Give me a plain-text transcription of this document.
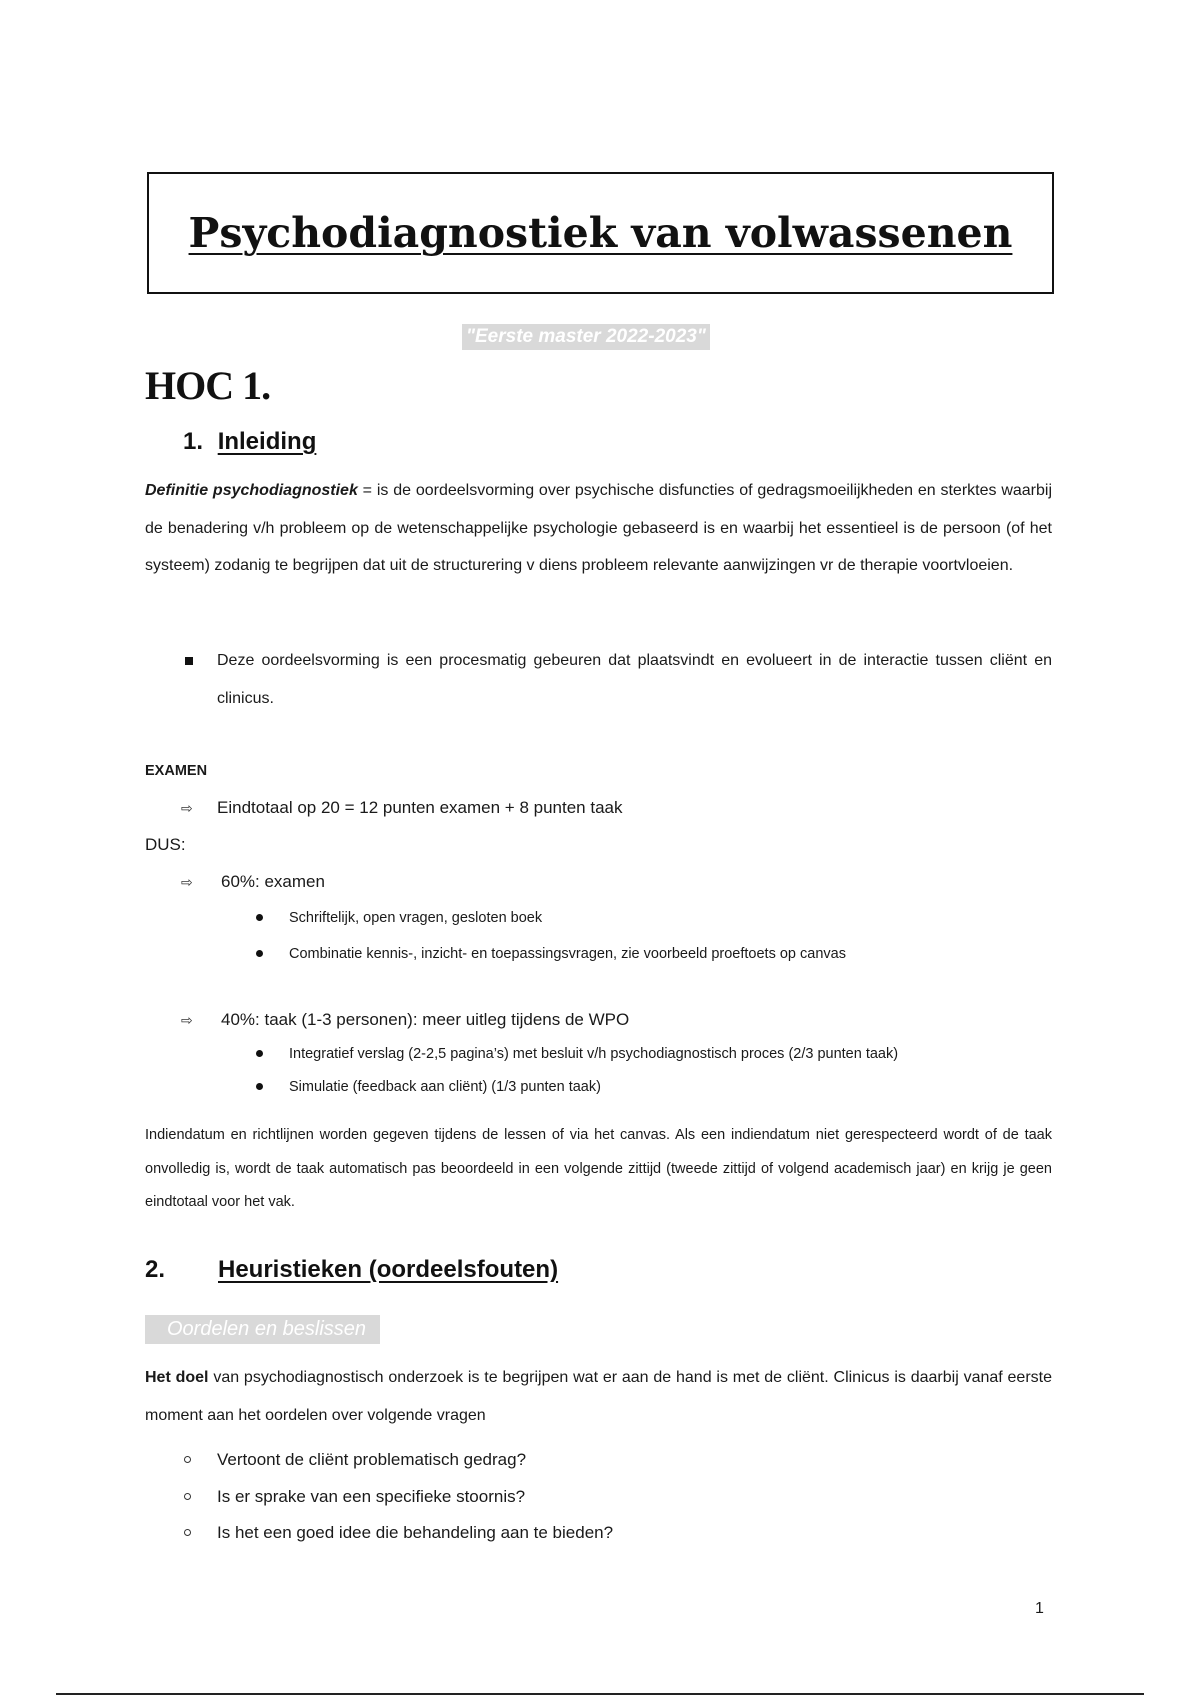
Psychodiagnostiek van volwassenen
"Eerste master 2022-2023"
HOC 1.
1. Inleiding
Definitie psychodiagnostiek = is de oordeelsvorming over psychische disfuncties of gedragsmoeilijkheden en sterktes waarbij de benadering v/h probleem op de wetenschappelijke psychologie gebaseerd is en waarbij het essentieel is de persoon (of het systeem) zodanig te begrijpen dat uit de structurering v diens probleem relevante aanwijzingen vr de therapie voortvloeien.
Deze oordeelsvorming is een procesmatig gebeuren dat plaatsvindt en evolueert in de interactie tussen cliënt en clinicus.
EXAMEN
⇨ Eindtotaal op 20 = 12 punten examen + 8 punten taak
DUS:
⇨ 60%: examen
Schriftelijk, open vragen, gesloten boek
Combinatie kennis-, inzicht- en toepassingsvragen, zie voorbeeld proeftoets op canvas
⇨ 40%: taak (1-3 personen): meer uitleg tijdens de WPO
Integratief verslag (2-2,5 pagina’s) met besluit v/h psychodiagnostisch proces (2/3 punten taak)
Simulatie (feedback aan cliënt) (1/3 punten taak)
Indiendatum en richtlijnen worden gegeven tijdens de lessen of via het canvas. Als een indiendatum niet gerespecteerd wordt of de taak onvolledig is, wordt de taak automatisch pas beoordeeld in een volgende zittijd (tweede zittijd of volgend academisch jaar) en krijg je geen eindtotaal voor het vak.
2. Heuristieken (oordeelsfouten)
Oordelen en beslissen
Het doel van psychodiagnostisch onderzoek is te begrijpen wat er aan de hand is met de cliënt. Clinicus is daarbij vanaf eerste moment aan het oordelen over volgende vragen
Vertoont de cliënt problematisch gedrag?
Is er sprake van een specifieke stoornis?
Is het een goed idee die behandeling aan te bieden?
1
